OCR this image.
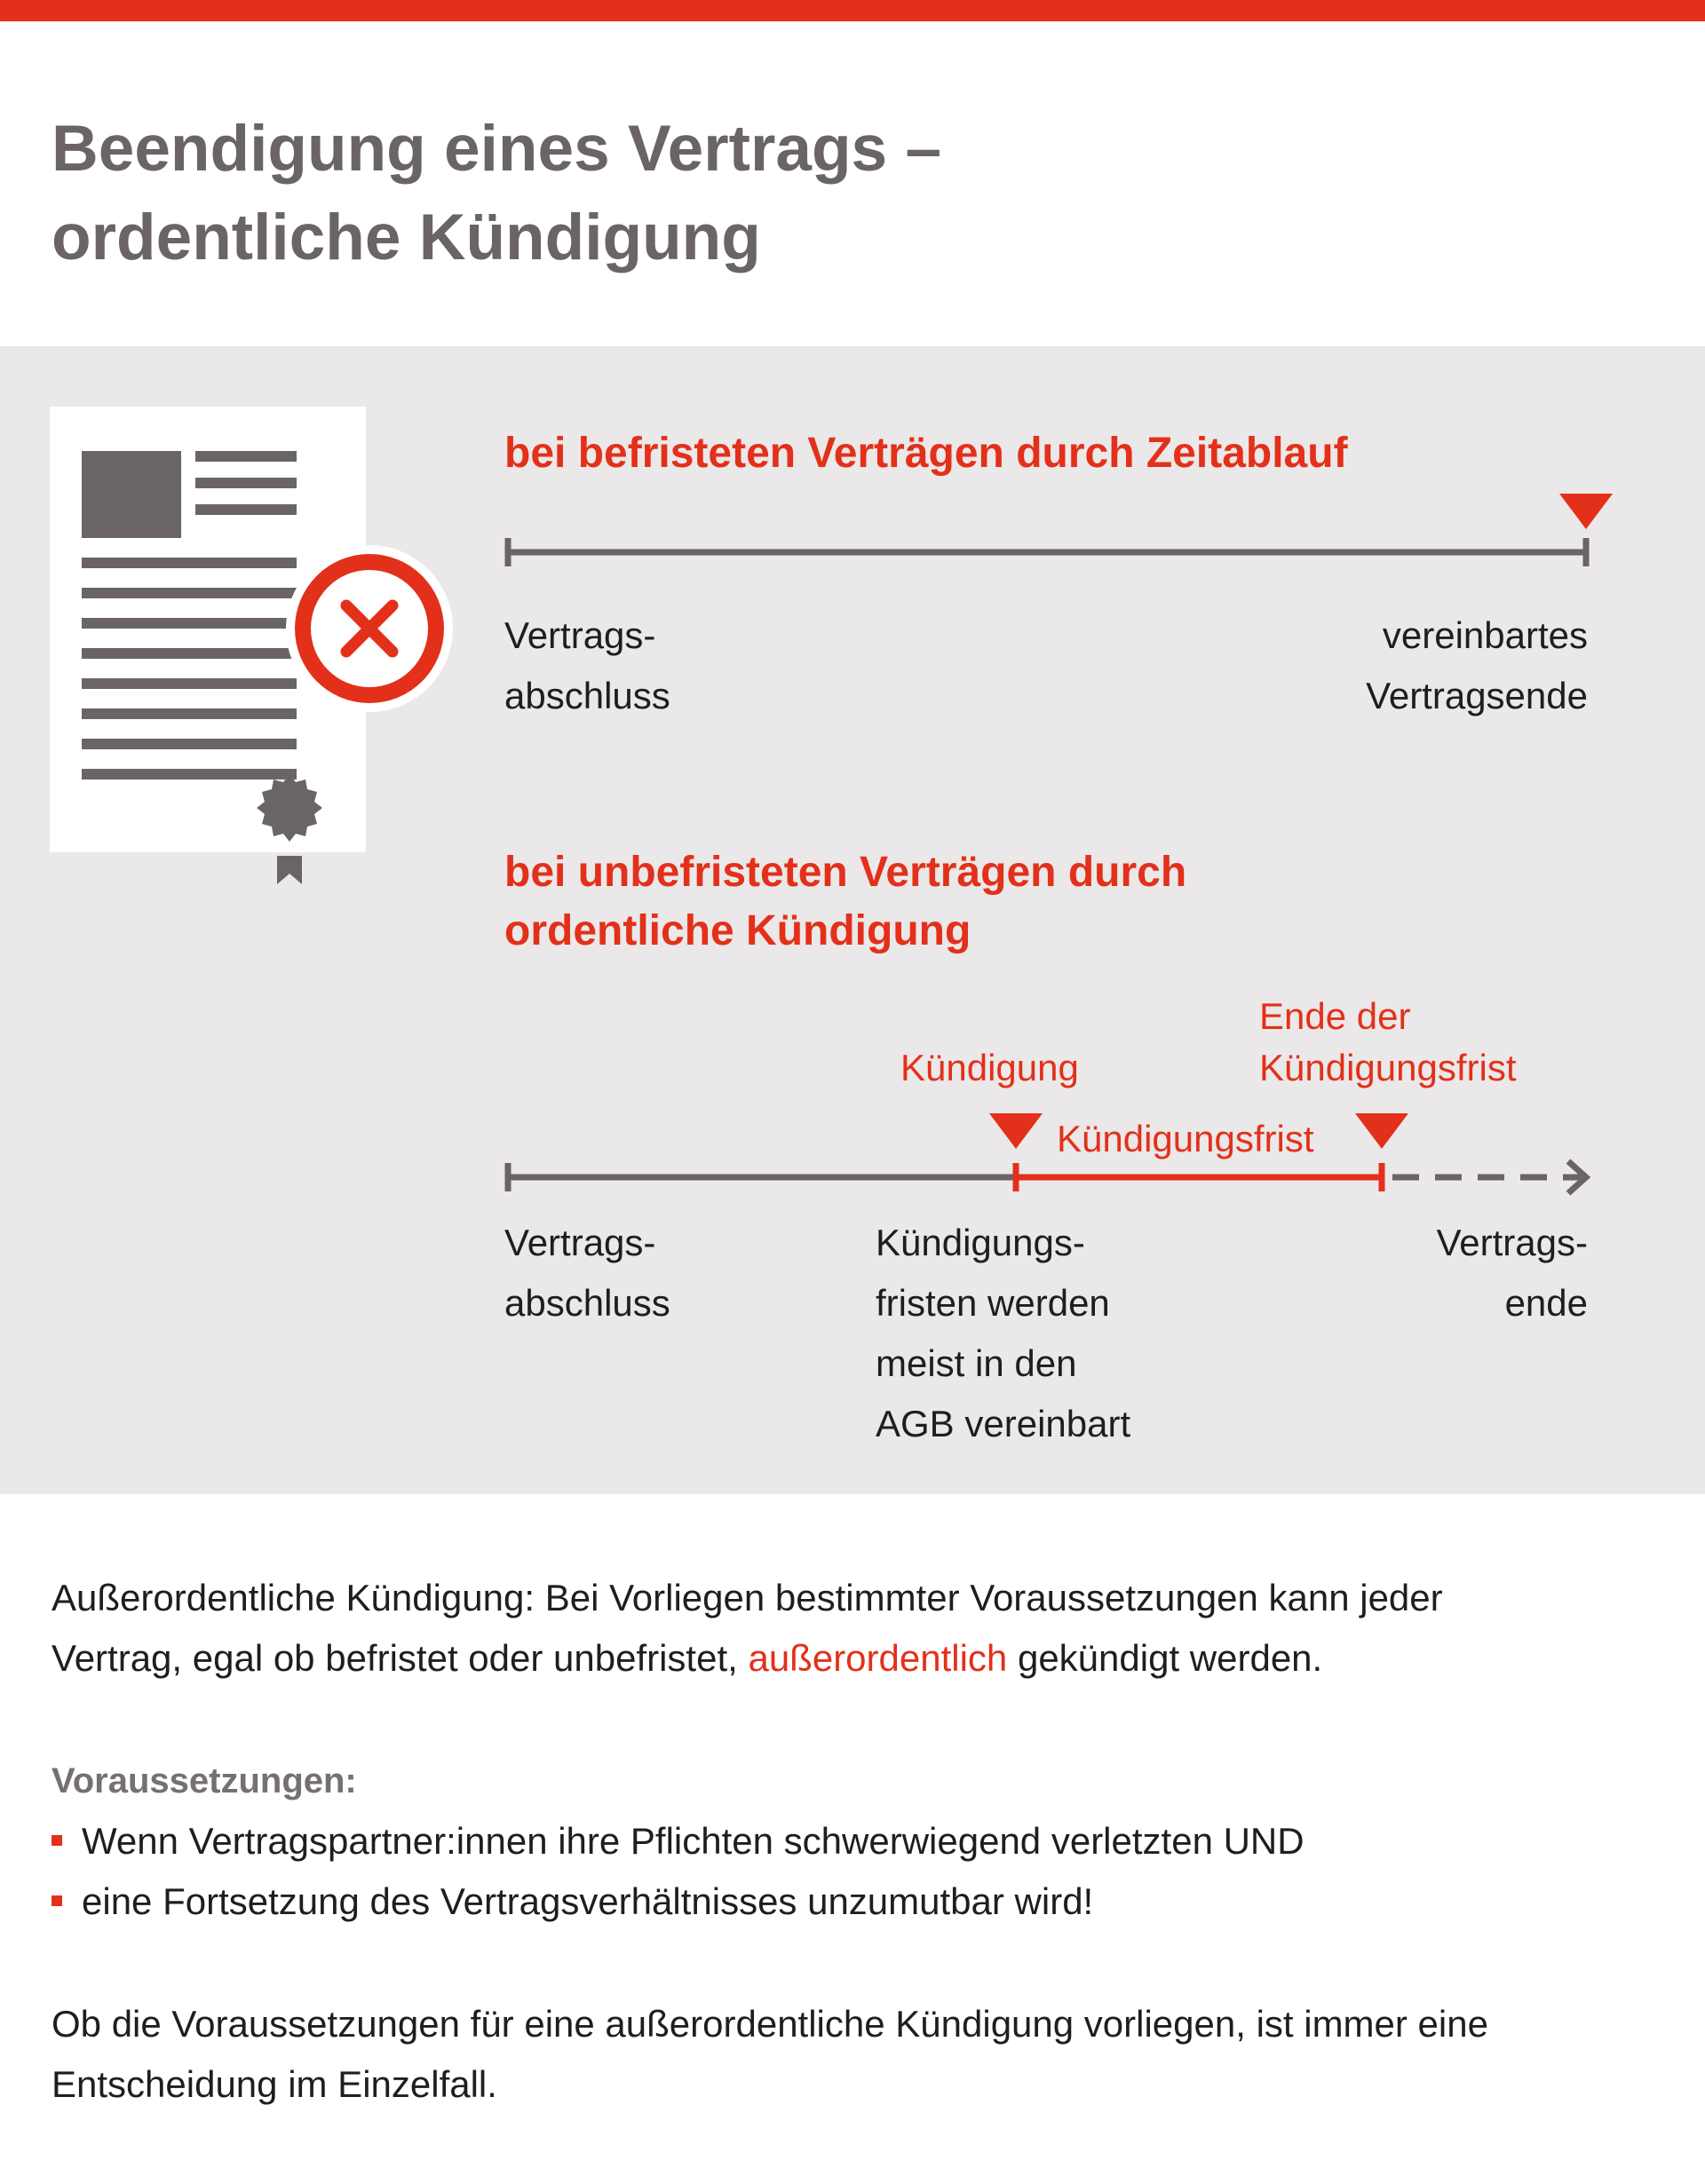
Beendigung eines Vertrags –
ordentliche Kündigung
bei befristeten Verträgen durch Zeitablauf
Vertrags-
abschluss
vereinbartes
Vertragsende
bei unbefristeten Verträgen durch
ordentliche Kündigung
Ende der
Kündigungsfrist
Kündigung
Kündigungsfrist
Vertrags-
abschluss
Kündigungs-
fristen werden
meist in den
AGB vereinbart
Vertrags-
ende
Außerordentliche Kündigung: Bei Vorliegen bestimmter Voraussetzungen kann jeder
Vertrag, egal ob befristet oder unbefristet, außerordentlich gekündigt werden.
Voraussetzungen:
Wenn Vertragspartner:innen ihre Pflichten schwerwiegend verletzten UND
eine Fortsetzung des Vertragsverhältnisses unzumutbar wird!
Ob die Voraussetzungen für eine außerordentliche Kündigung vorliegen, ist immer eine
Entscheidung im Einzelfall.
